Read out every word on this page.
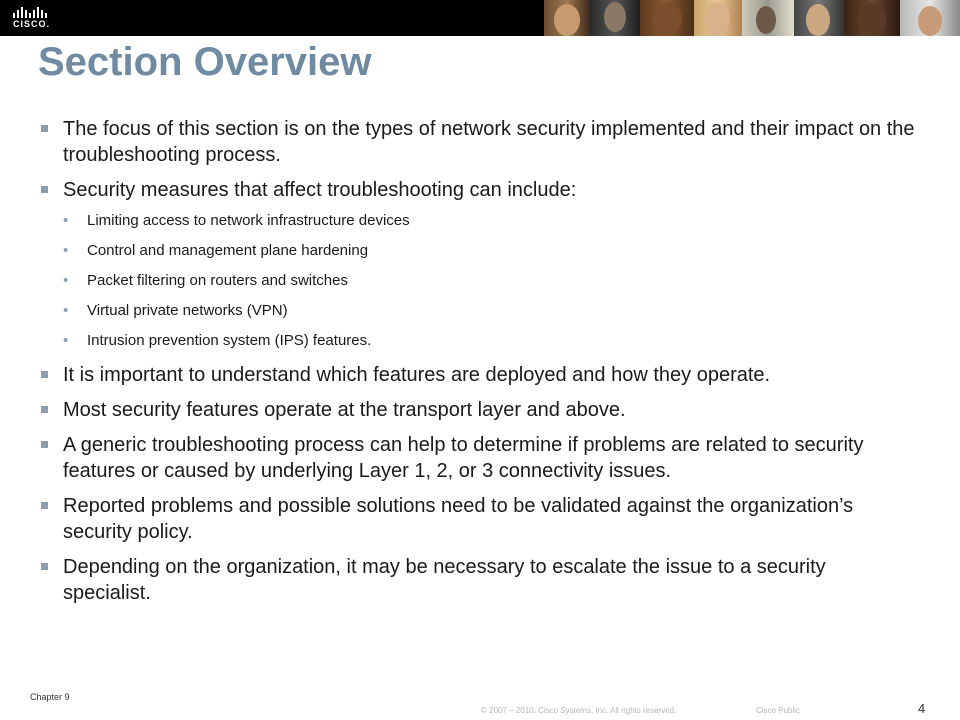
CISCO.
Section Overview
The focus of this section is on the types of network security implemented and their impact on the troubleshooting process.
Security measures that affect troubleshooting can include:
• Limiting access to network infrastructure devices
• Control and management plane hardening
• Packet filtering on routers and switches
• Virtual private networks (VPN)
• Intrusion prevention system (IPS) features.
It is important to understand which features are deployed and how they operate.
Most security features operate at the transport layer and above.
A generic troubleshooting process can help to determine if problems are related to security features or caused by underlying Layer 1, 2, or 3 connectivity issues.
Reported problems and possible solutions need to be validated against the organization’s security policy.
Depending on the organization, it may be necessary to escalate the issue to a security specialist.
Chapter 9
© 2007 – 2010, Cisco Systems, Inc. All rights reserved.	Cisco Public	4
